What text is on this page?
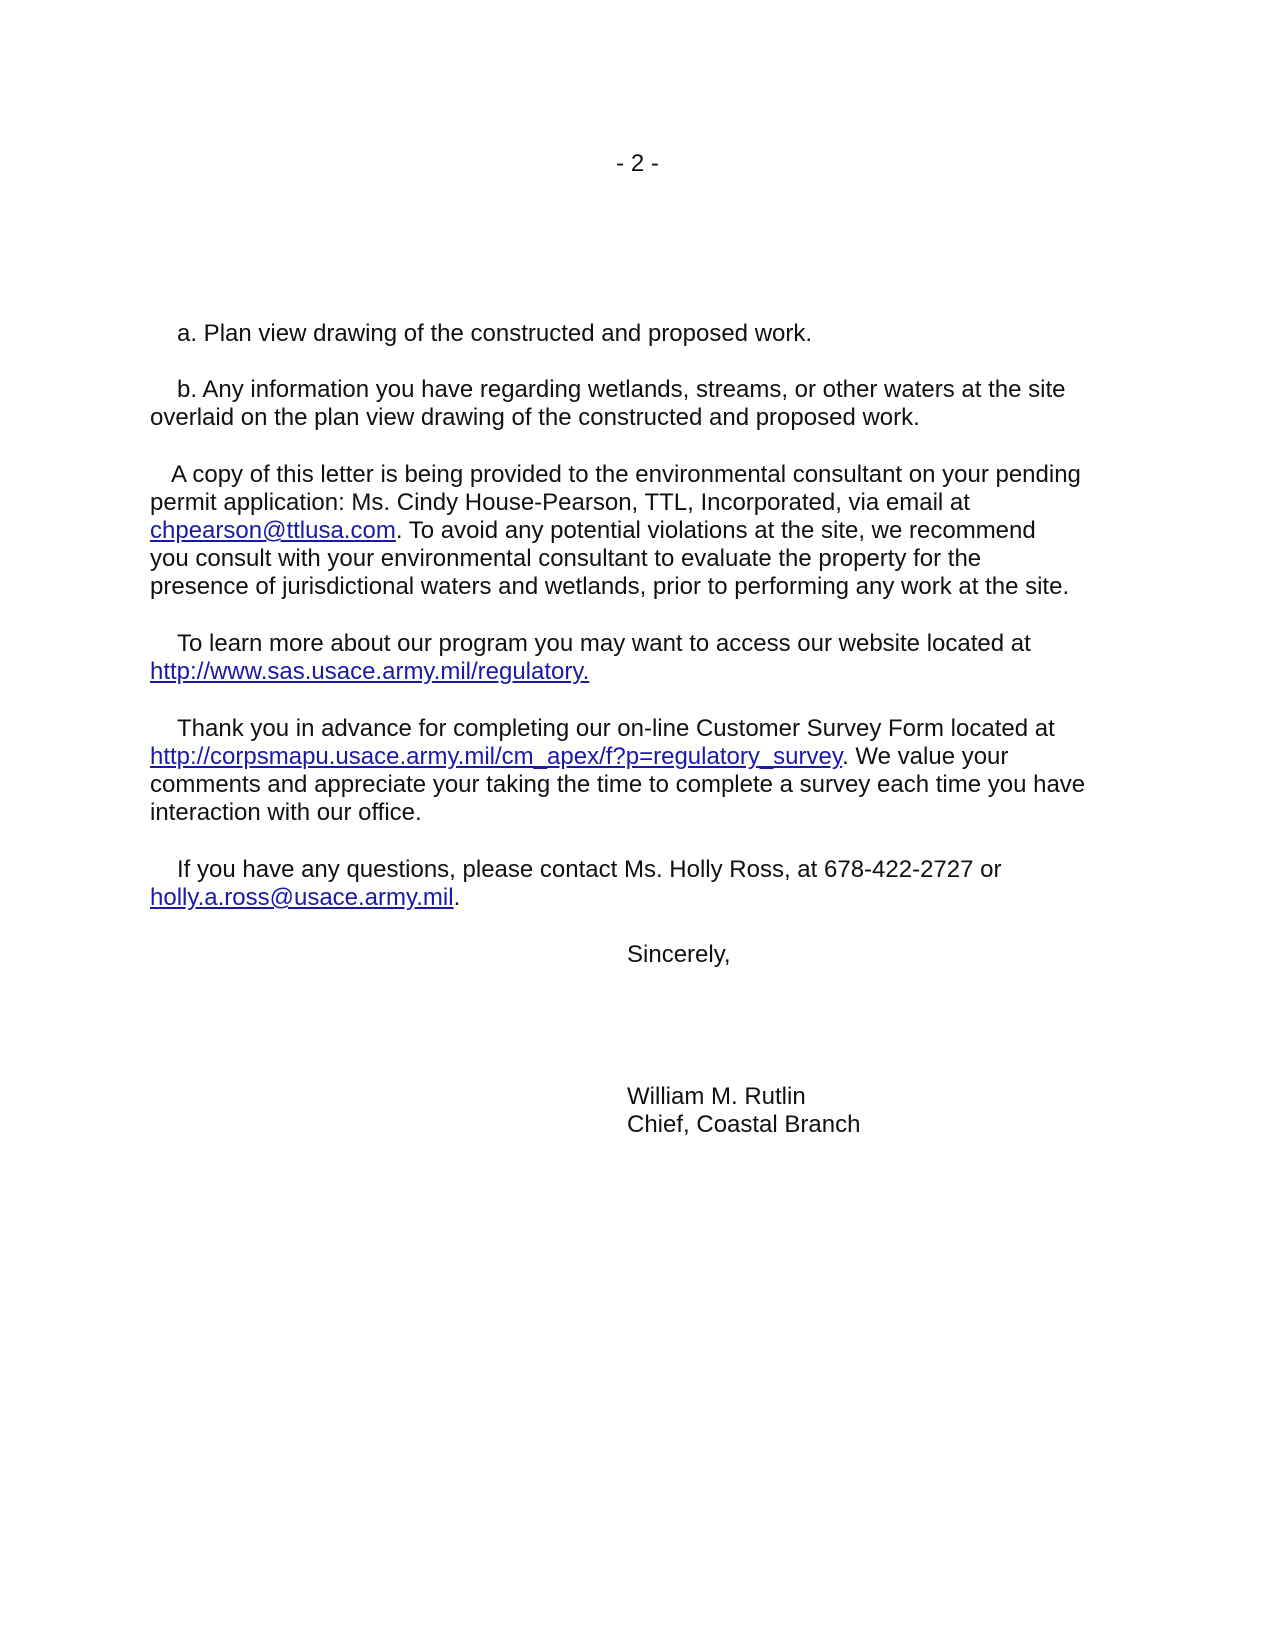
- 2 -
a. Plan view drawing of the constructed and proposed work.
b. Any information you have regarding wetlands, streams, or other waters at the site
overlaid on the plan view drawing of the constructed and proposed work.
A copy of this letter is being provided to the environmental consultant on your pending
permit application: Ms. Cindy House-Pearson, TTL, Incorporated, via email at
chpearson@ttlusa.com. To avoid any potential violations at the site, we recommend
you consult with your environmental consultant to evaluate the property for the
presence of jurisdictional waters and wetlands, prior to performing any work at the site.
To learn more about our program you may want to access our website located at
http://www.sas.usace.army.mil/regulatory.
Thank you in advance for completing our on-line Customer Survey Form located at
http://corpsmapu.usace.army.mil/cm_apex/f?p=regulatory_survey. We value your
comments and appreciate your taking the time to complete a survey each time you have
interaction with our office.
If you have any questions, please contact Ms. Holly Ross, at 678-422-2727 or
holly.a.ross@usace.army.mil.
Sincerely,
William M. Rutlin
Chief, Coastal Branch
